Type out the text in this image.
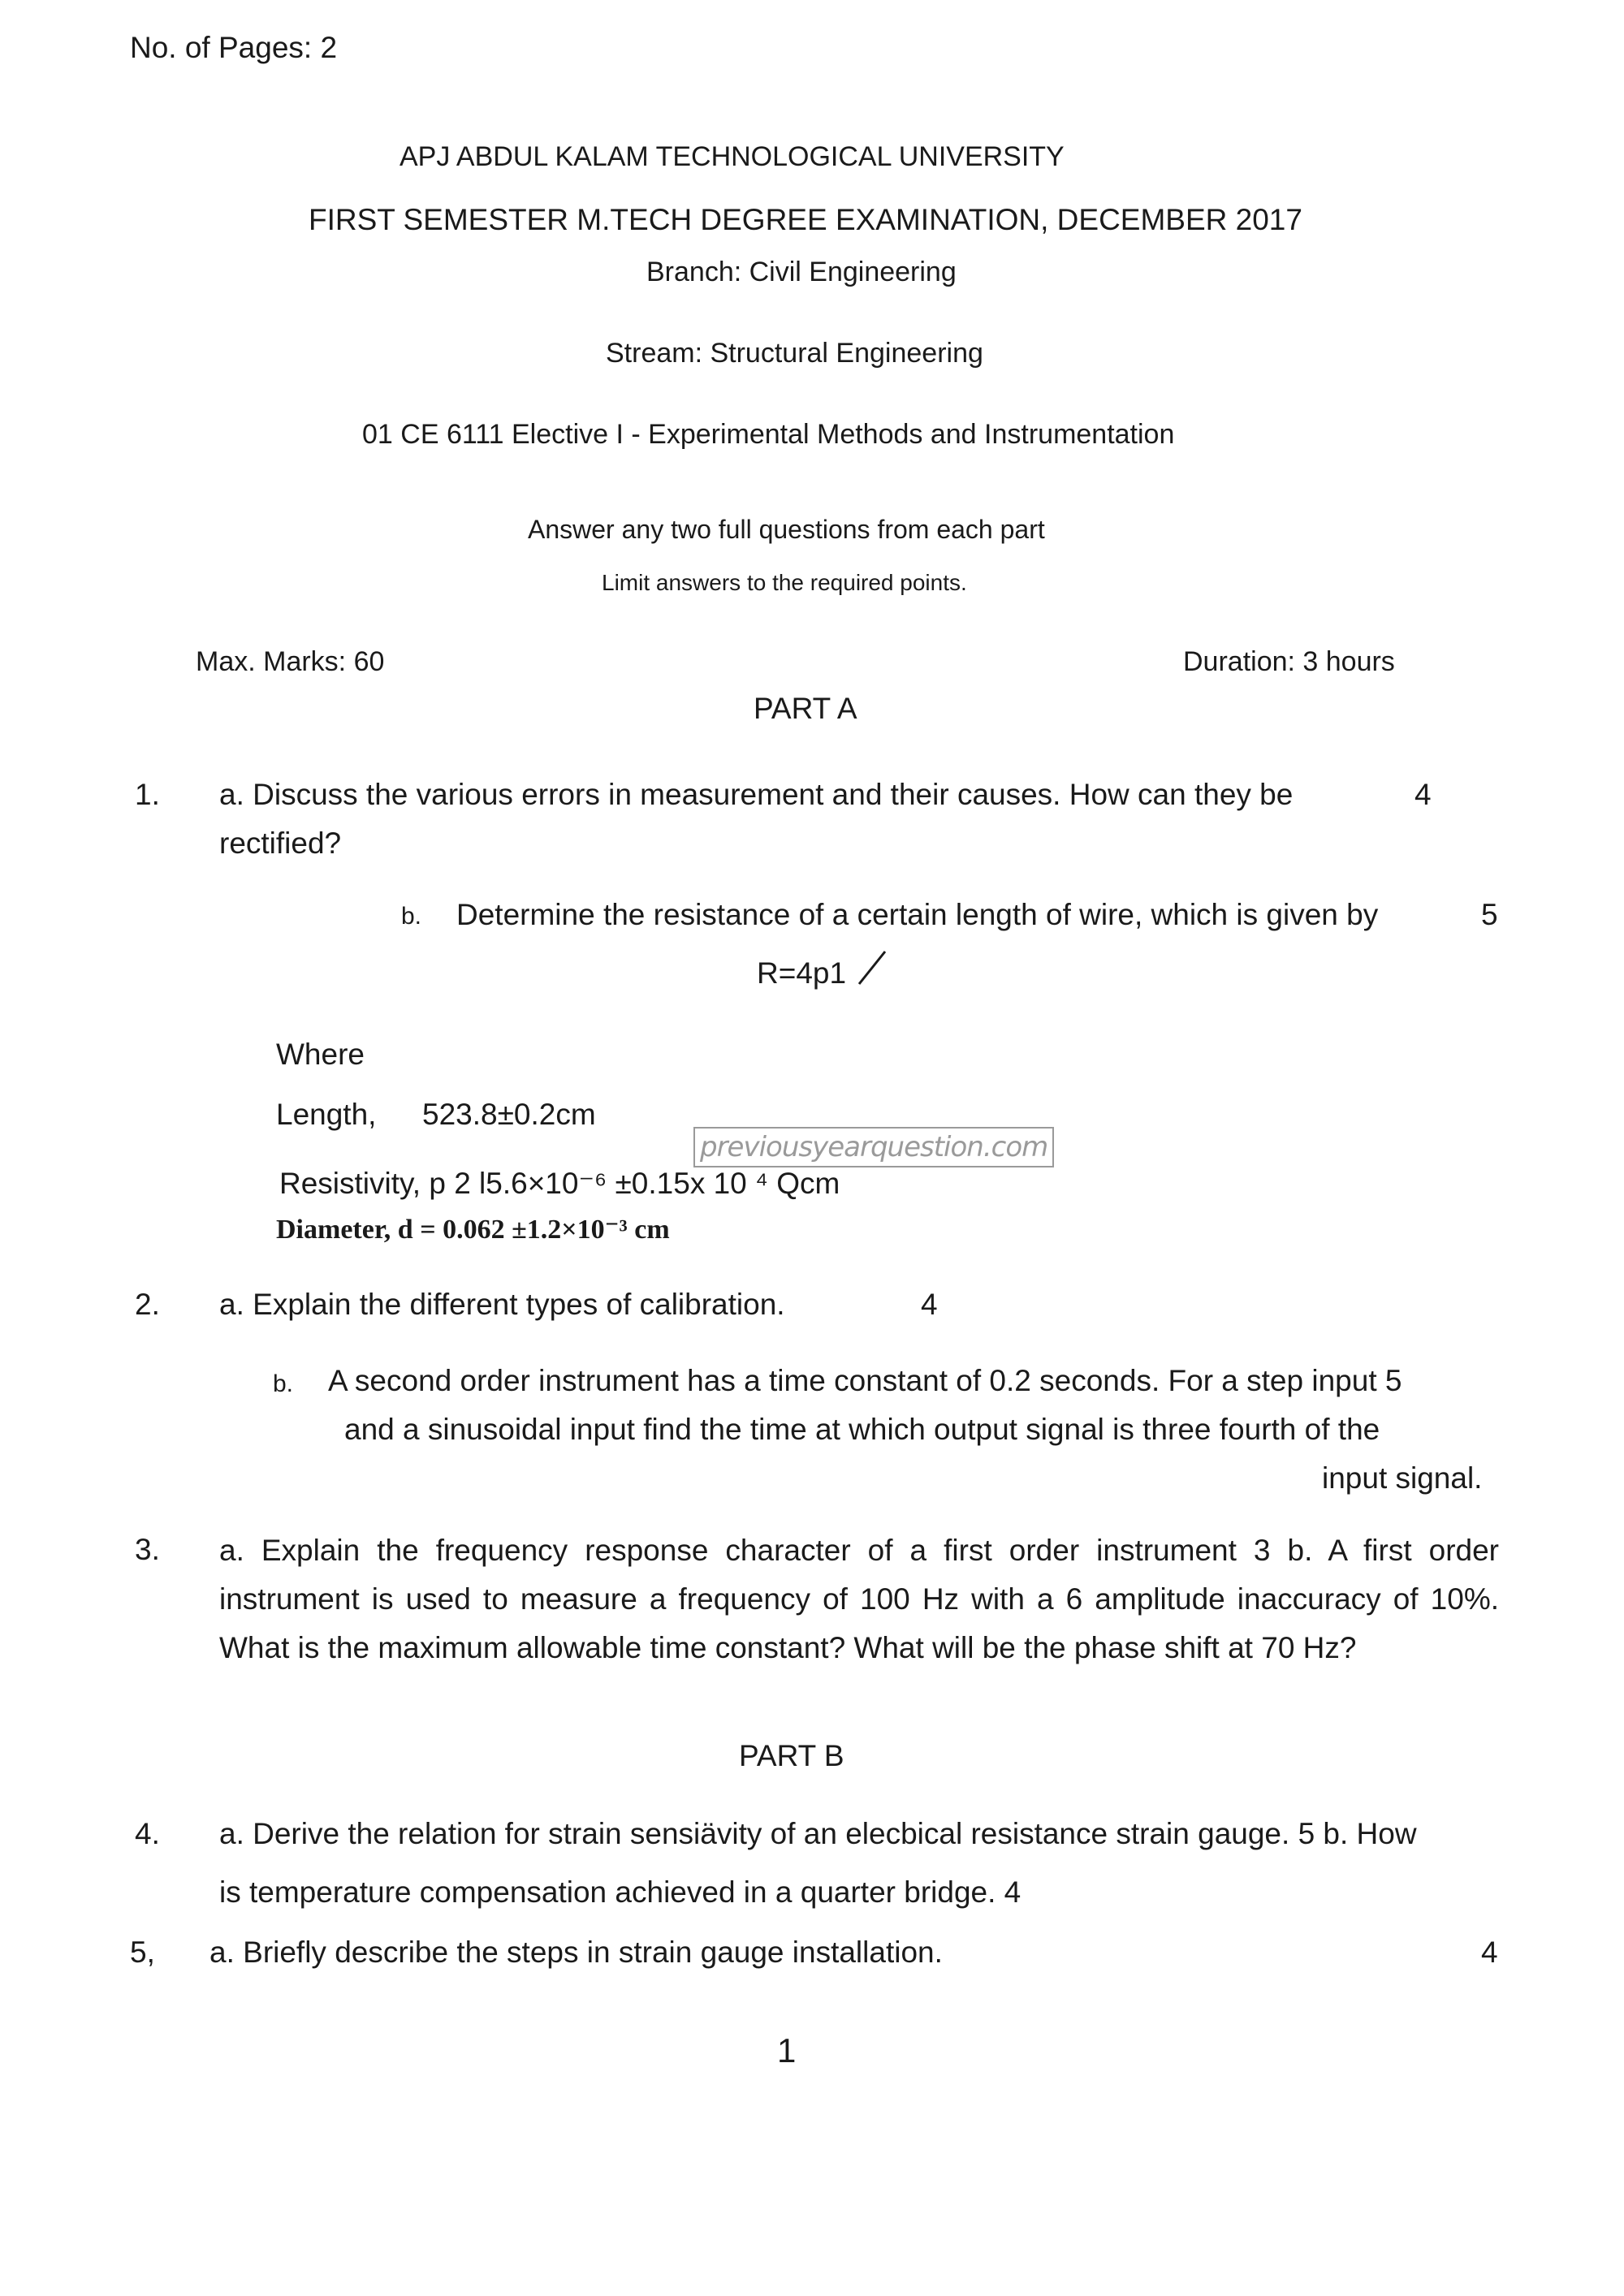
No. of Pages: 2
APJ ABDUL KALAM TECHNOLOGICAL UNIVERSITY
FIRST SEMESTER M.TECH DEGREE EXAMINATION, DECEMBER 2017
Branch: Civil Engineering
Stream: Structural Engineering
01 CE 6111 Elective I - Experimental Methods and Instrumentation
Answer any two full questions from each part
Limit answers to the required points.
Max. Marks: 60	Duration: 3 hours
PART A
1. a. Discuss the various errors in measurement and their causes. How can they be	4
rectified?
b. Determine the resistance of a certain length of wire, which is given by	5
R=4p1
Where
Length, 523.8±0.2cm
previousyearquestion.com
Resistivity, p 2 l5.6×10⁻⁶ ±0.15x 10 ⁴ Qcm
Diameter, d = 0.062 ±1.2×10⁻³ cm
2. a. Explain the different types of calibration.	4
b. A second order instrument has a time constant of 0.2 seconds. For a step input 5
and a sinusoidal input find the time at which output signal is three fourth of the
input signal.
3. a. Explain the frequency response character of a first order instrument 3 b. A first order instrument is used to measure a frequency of 100 Hz with a 6 amplitude inaccuracy of 10%. What is the maximum allowable time constant? What will be the phase shift at 70 Hz?
PART B
4. a. Derive the relation for strain sensiävity of an elecbical resistance strain gauge. 5 b. How
is temperature compensation achieved in a quarter bridge. 4
5, a. Briefly describe the steps in strain gauge installation.	4
1
